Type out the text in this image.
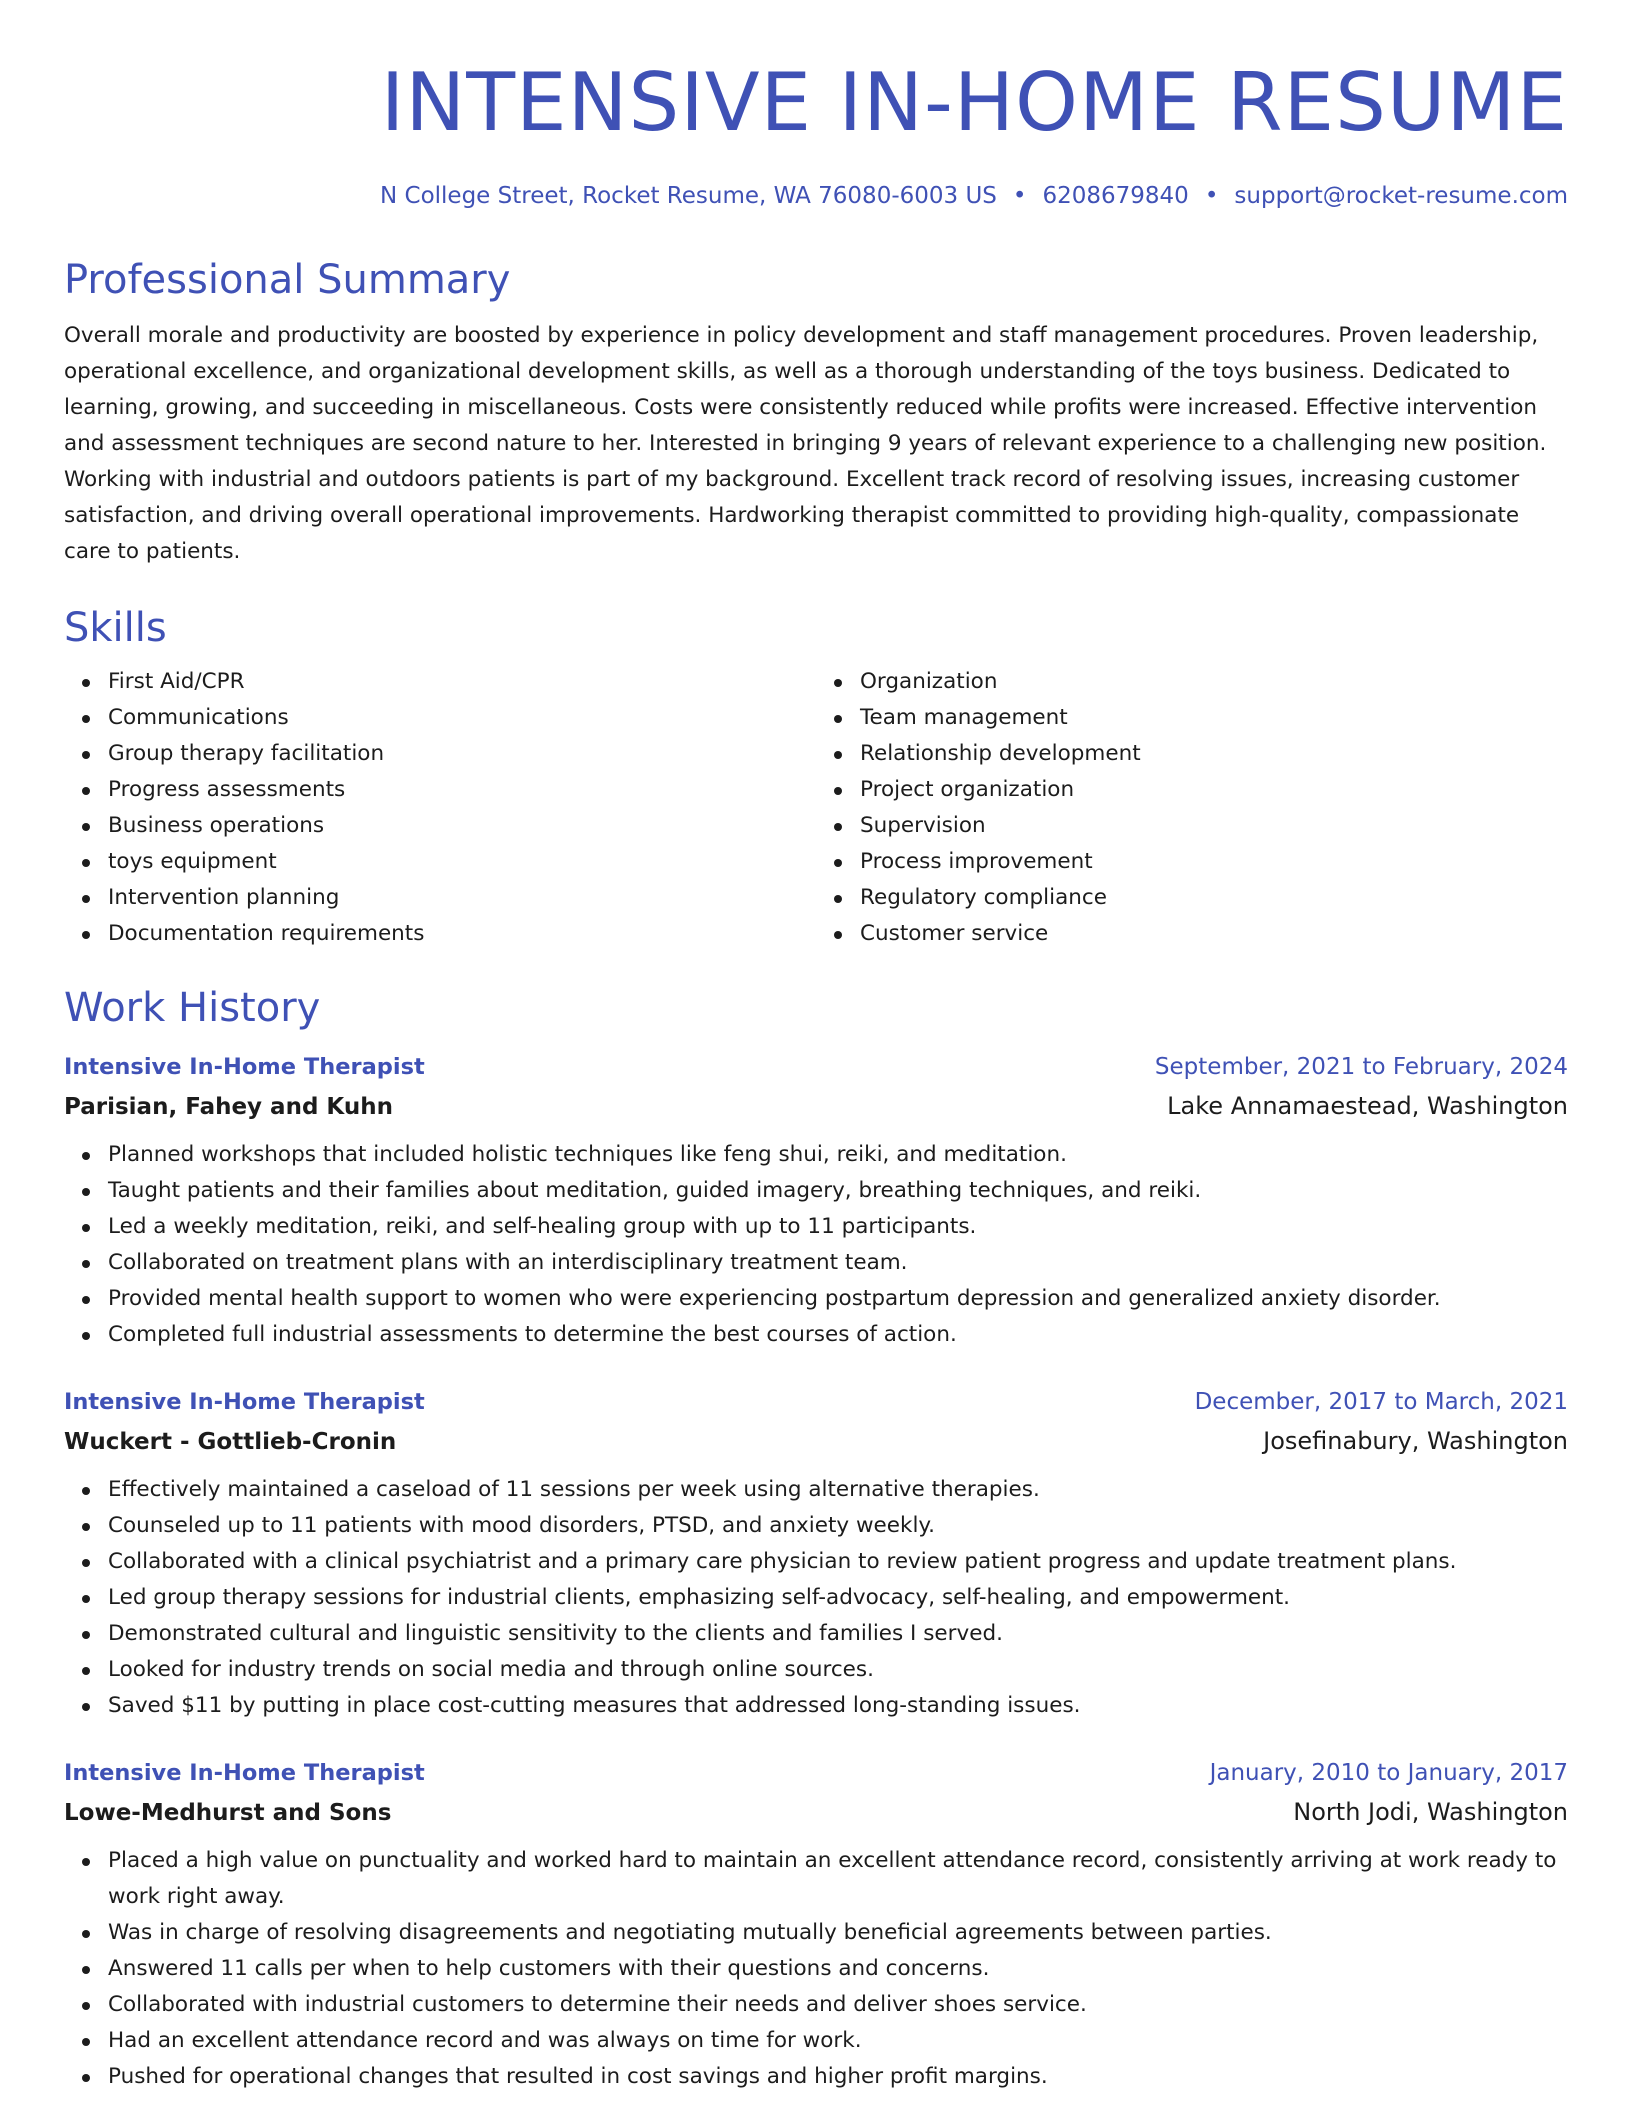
INTENSIVE IN-HOME RESUME
N College Street, Rocket Resume, WA 76080-6003 US • 6208679840 • support@rocket-resume.com
Professional Summary

Overall morale and productivity are boosted by experience in policy development and staff management procedures. Proven leadership, operational excellence, and organizational development skills, as well as a thorough understanding of the toys business. Dedicated to learning, growing, and succeeding in miscellaneous. Costs were consistently reduced while profits were increased. Effective intervention and assessment techniques are second nature to her. Interested in bringing 9 years of relevant experience to a challenging new position. Working with industrial and outdoors patients is part of my background. Excellent track record of resolving issues, increasing customer satisfaction, and driving overall operational improvements. Hardworking therapist committed to providing high-quality, compassionate care to patients.

Skills
First Aid/CPR
Communications
Group therapy facilitation
Progress assessments
Business operations
toys equipment
Intervention planning
Documentation requirements
Organization
Team management
Relationship development
Project organization
Supervision
Process improvement
Regulatory compliance
Customer service
Work History
Intensive In-Home Therapist	September, 2021 to February, 2024
Parisian, Fahey and Kuhn	Lake Annamaestead, Washington
Planned workshops that included holistic techniques like feng shui, reiki, and meditation.
Taught patients and their families about meditation, guided imagery, breathing techniques, and reiki.
Led a weekly meditation, reiki, and self-healing group with up to 11 participants.
Collaborated on treatment plans with an interdisciplinary treatment team.
Provided mental health support to women who were experiencing postpartum depression and generalized anxiety disorder.
Completed full industrial assessments to determine the best courses of action.
Intensive In-Home Therapist	December, 2017 to March, 2021
Wuckert - Gottlieb-Cronin	Josefinabury, Washington
Effectively maintained a caseload of 11 sessions per week using alternative therapies.
Counseled up to 11 patients with mood disorders, PTSD, and anxiety weekly.
Collaborated with a clinical psychiatrist and a primary care physician to review patient progress and update treatment plans.
Led group therapy sessions for industrial clients, emphasizing self-advocacy, self-healing, and empowerment.
Demonstrated cultural and linguistic sensitivity to the clients and families I served.
Looked for industry trends on social media and through online sources.
Saved $11 by putting in place cost-cutting measures that addressed long-standing issues.
Intensive In-Home Therapist	January, 2010 to January, 2017
Lowe-Medhurst and Sons	North Jodi, Washington
Placed a high value on punctuality and worked hard to maintain an excellent attendance record, consistently arriving at work ready to work right away.
Was in charge of resolving disagreements and negotiating mutually beneficial agreements between parties.
Answered 11 calls per when to help customers with their questions and concerns.
Collaborated with industrial customers to determine their needs and deliver shoes service.
Had an excellent attendance record and was always on time for work.
Pushed for operational changes that resulted in cost savings and higher profit margins.
